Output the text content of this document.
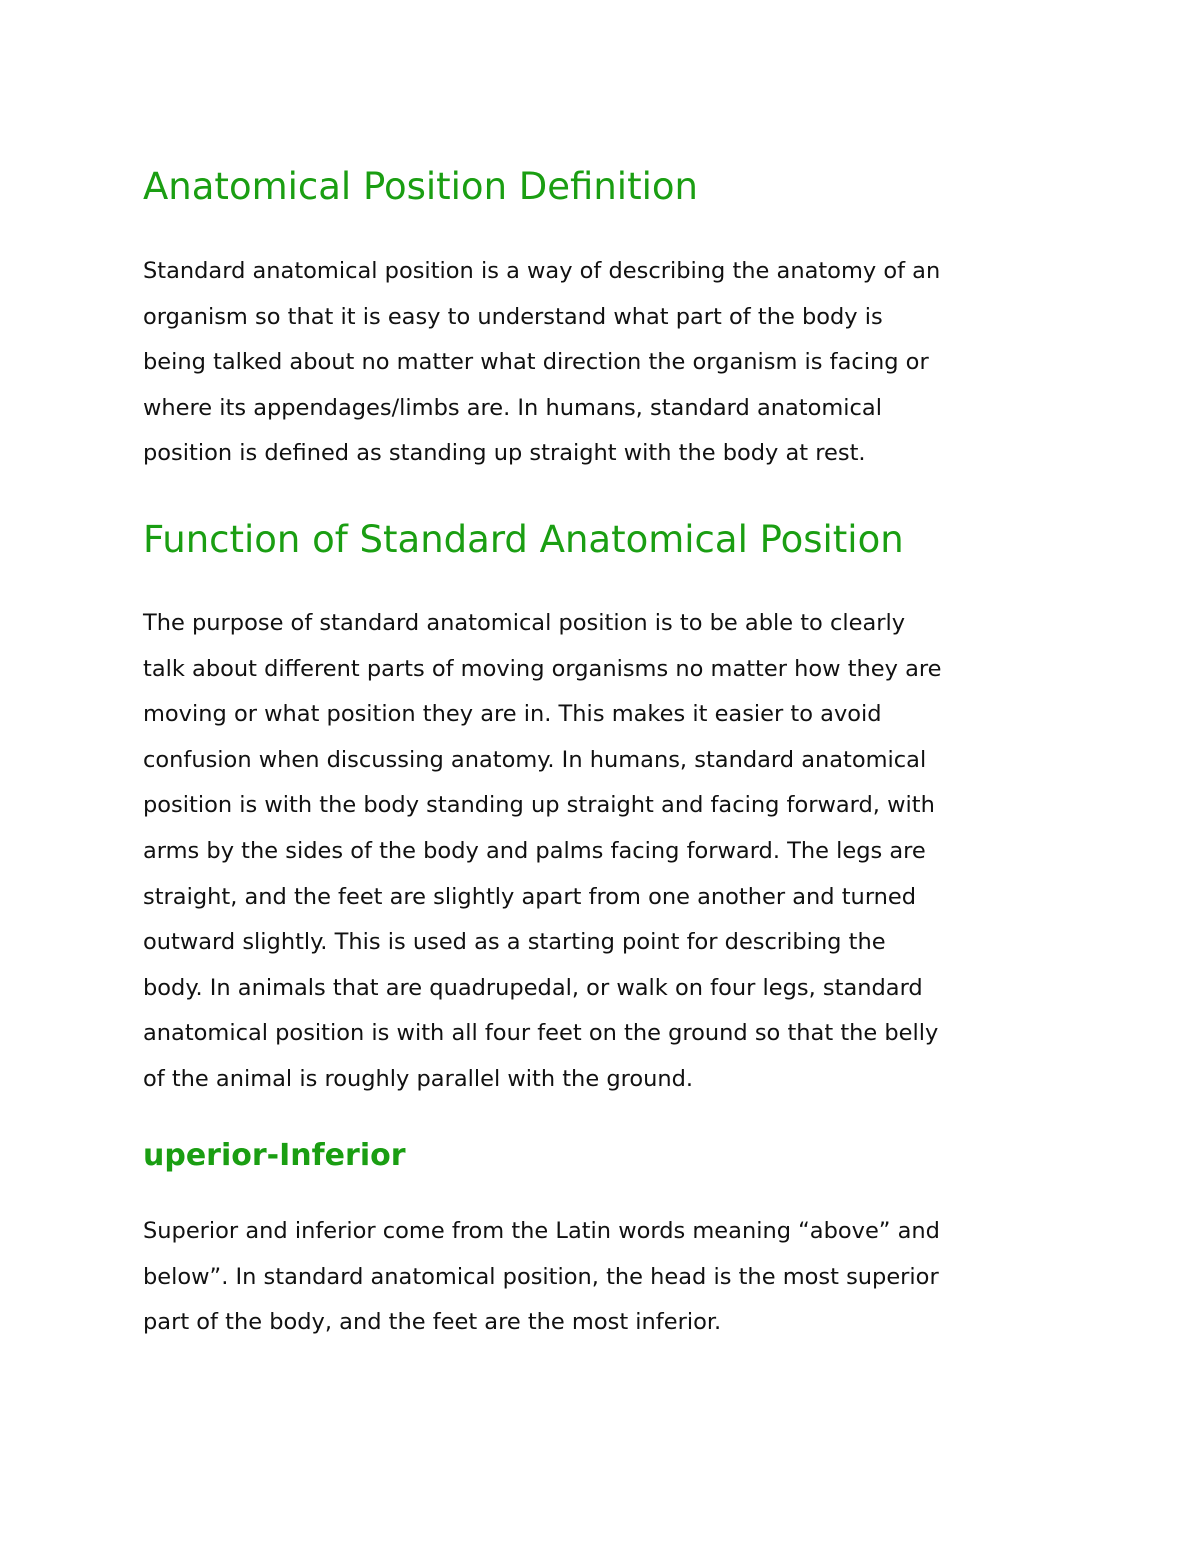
Anatomical Position Definition
Standard anatomical position is a way of describing the anatomy of an
organism so that it is easy to understand what part of the body is
being talked about no matter what direction the organism is facing or
where its appendages/limbs are. In humans, standard anatomical
position is defined as standing up straight with the body at rest.
Function of Standard Anatomical Position
The purpose of standard anatomical position is to be able to clearly
talk about different parts of moving organisms no matter how they are
moving or what position they are in. This makes it easier to avoid
confusion when discussing anatomy. In humans, standard anatomical
position is with the body standing up straight and facing forward, with
arms by the sides of the body and palms facing forward. The legs are
straight, and the feet are slightly apart from one another and turned
outward slightly. This is used as a starting point for describing the
body. In animals that are quadrupedal, or walk on four legs, standard
anatomical position is with all four feet on the ground so that the belly
of the animal is roughly parallel with the ground.
uperior-Inferior
Superior and inferior come from the Latin words meaning “above” and
below”. In standard anatomical position, the head is the most superior
part of the body, and the feet are the most inferior.
